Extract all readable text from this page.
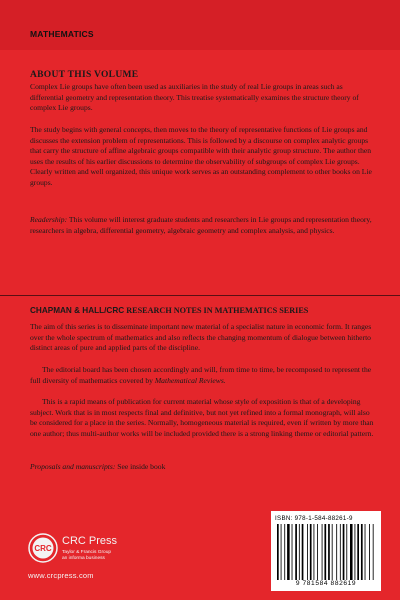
MATHEMATICS
ABOUT THIS VOLUME
Complex Lie groups have often been used as auxiliaries in the study of real Lie groups in areas such as differential geometry and representation theory. This treatise systematically examines the structure theory of complex Lie groups.
The study begins with general concepts, then moves to the theory of representative functions of Lie groups and discusses the extension problem of representations. This is followed by a discourse on complex analytic groups that carry the structure of affine algebraic groups compatible with their analytic group structure. The author then uses the results of his earlier discussions to determine the observability of subgroups of complex Lie groups. Clearly written and well organized, this unique work serves as an outstanding complement to other books on Lie groups.
Readership: This volume will interest graduate students and researchers in Lie groups and representation theory, researchers in algebra, differential geometry, algebraic geometry and complex analysis, and physics.
CHAPMAN & HALL/CRC RESEARCH NOTES IN MATHEMATICS SERIES
The aim of this series is to disseminate important new material of a specialist nature in economic form. It ranges over the whole spectrum of mathematics and also reflects the changing momentum of dialogue between hitherto distinct areas of pure and applied parts of the discipline.
The editorial board has been chosen accordingly and will, from time to time, be recomposed to represent the full diversity of mathematics covered by Mathematical Reviews.
This is a rapid means of publication for current material whose style of exposition is that of a developing subject. Work that is in most respects final and definitive, but not yet refined into a formal monograph, will also be considered for a place in the series. Normally, homogeneous material is required, even if written by more than one author; thus multi-author works will be included provided there is a strong linking theme or editorial pattern.
Proposals and manuscripts: See inside book
CRC
CRC Press
Taylor & Francis Group
an informa business
www.crcpress.com
ISBN: 978-1-584-88261-9
9 781584 882619
